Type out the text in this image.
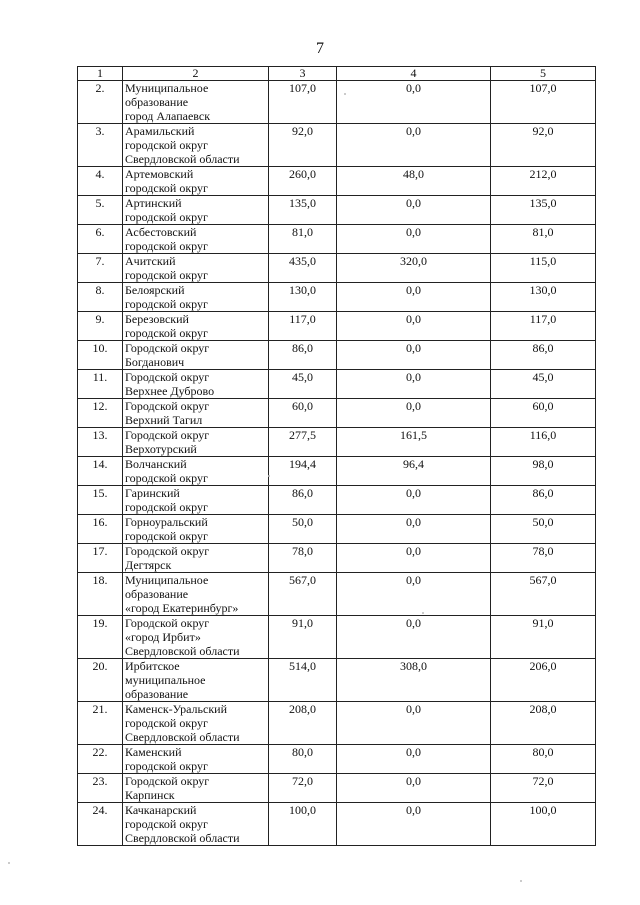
7
1	2	3	4	5
2.	Муниципальное
образование
город Алапаевск	107,0	0,0	107,0
3.	Арамильский
городской округ
Свердловской области	92,0	0,0	92,0
4.	Артемовский
городской округ	260,0	48,0	212,0
5.	Артинский
городской округ	135,0	0,0	135,0
6.	Асбестовский
городской округ	81,0	0,0	81,0
7.	Ачитский
городской округ	435,0	320,0	115,0
8.	Белоярский
городской округ	130,0	0,0	130,0
9.	Березовский
городской округ	117,0	0,0	117,0
10.	Городской округ
Богданович	86,0	0,0	86,0
11.	Городской округ
Верхнее Дуброво	45,0	0,0	45,0
12.	Городской округ
Верхний Тагил	60,0	0,0	60,0
13.	Городской округ
Верхотурский	277,5	161,5	116,0
14.	Волчанский
городской округ	194,4	96,4	98,0
15.	Гаринский
городской округ	86,0	0,0	86,0
16.	Горноуральский
городской округ	50,0	0,0	50,0
17.	Городской округ
Дегтярск	78,0	0,0	78,0
18.	Муниципальное
образование
«город Екатеринбург»	567,0	0,0	567,0
19.	Городской округ
«город Ирбит»
Свердловской области	91,0	0,0	91,0
20.	Ирбитское
муниципальное
образование	514,0	308,0	206,0
21.	Каменск-Уральский
городской округ
Свердловской области	208,0	0,0	208,0
22.	Каменский
городской округ	80,0	0,0	80,0
23.	Городской округ
Карпинск	72,0	0,0	72,0
24.	Качканарский
городской округ
Свердловской области	100,0	0,0	100,0
